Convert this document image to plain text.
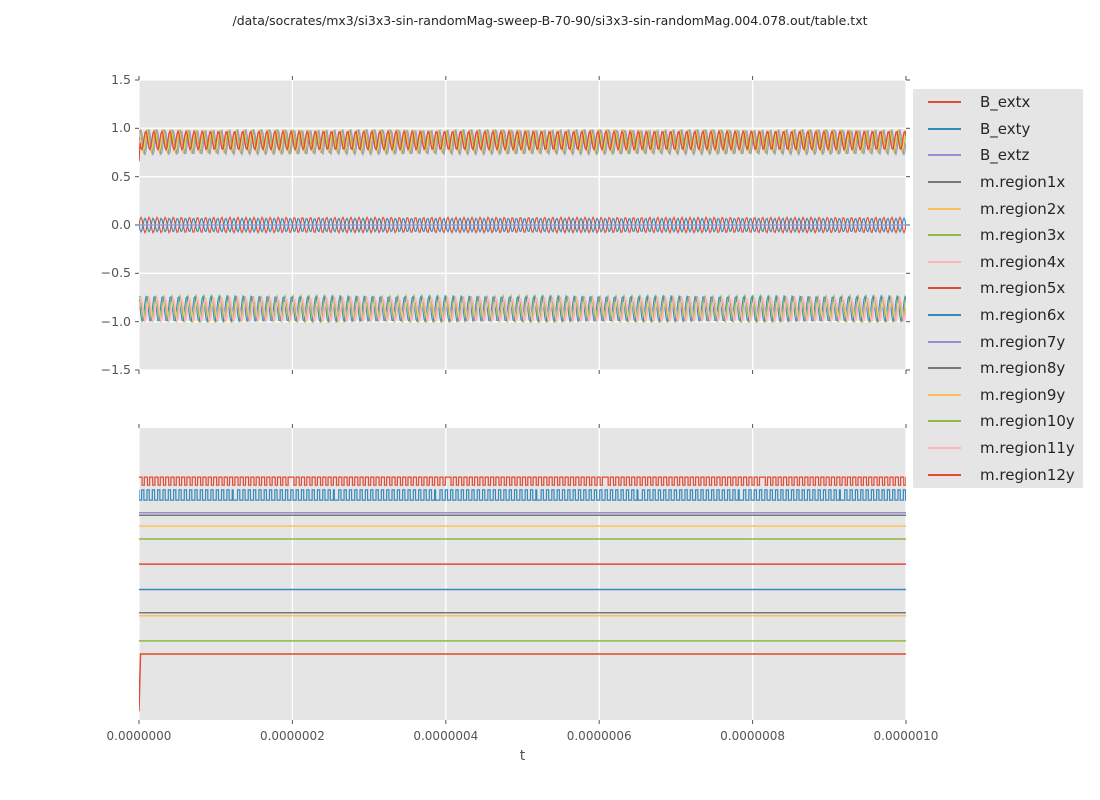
/data/socrates/mx3/si3x3-sin-randomMag-sweep-B-70-90/si3x3-sin-randomMag.004.078.out/table.txt
1.5
1.0
0.5
0.0
−0.5
−1.0
−1.5
0.0000000	0.0000002	0.0000004	0.0000006	0.0000008	0.0000010
t
B_extx
B_exty
B_extz
m.region1x
m.region2x
m.region3x
m.region4x
m.region5x
m.region6x
m.region7y
m.region8y
m.region9y
m.region10y
m.region11y
m.region12y
